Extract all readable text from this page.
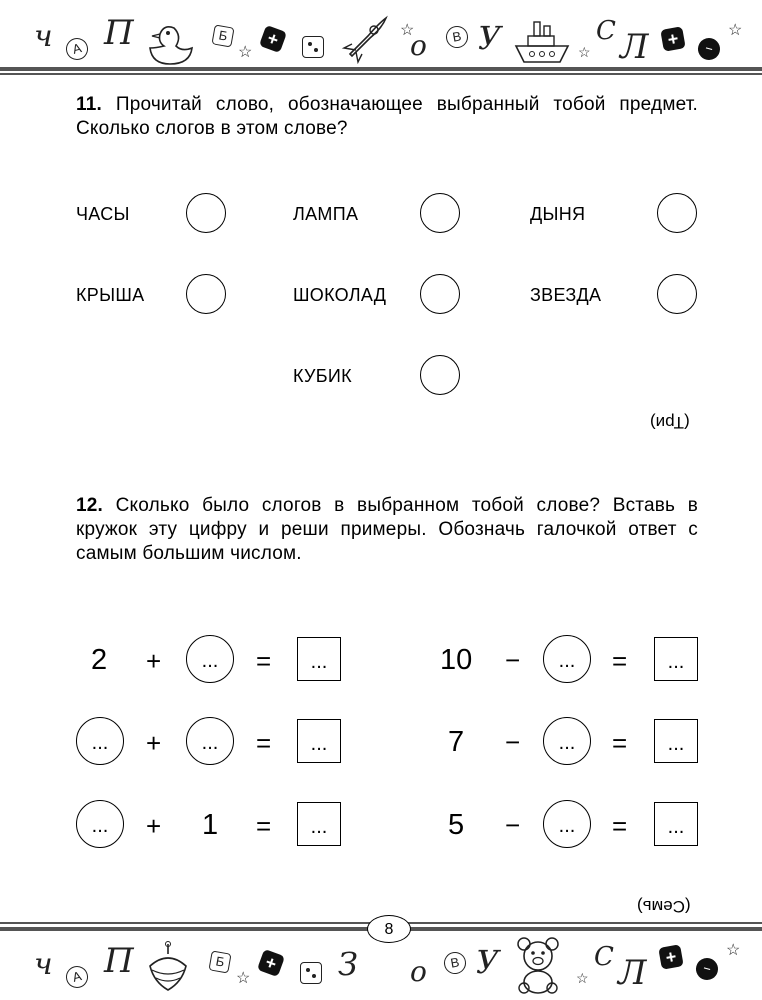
ч	А П	Б
☆
+	☆
о	В У	☆
С Л +	−
☆
11. Прочитай слово, обозначающее выбранный тобой предмет. Сколько слогов в этом слове?
ЧАСЫ	ЛАМПА	ДЫНЯ
КРЫША	ШОКОЛАД	ЗВЕЗДА
КУБИК
(Три)
12. Сколько было слогов в выбранном тобой слове? Вставь в кружок эту цифру и реши примеры. Обозначь галочкой ответ с самым большим числом.
2 +	...	=	...
...	+	...	=	...
...	+ 1 =	...
10 −	...	=	...
7 −	...	=	...
5 −	...	=	...
(Семь)
8
ч	А П	Б
☆
+ З о	В У	☆
С Л +
−
☆
